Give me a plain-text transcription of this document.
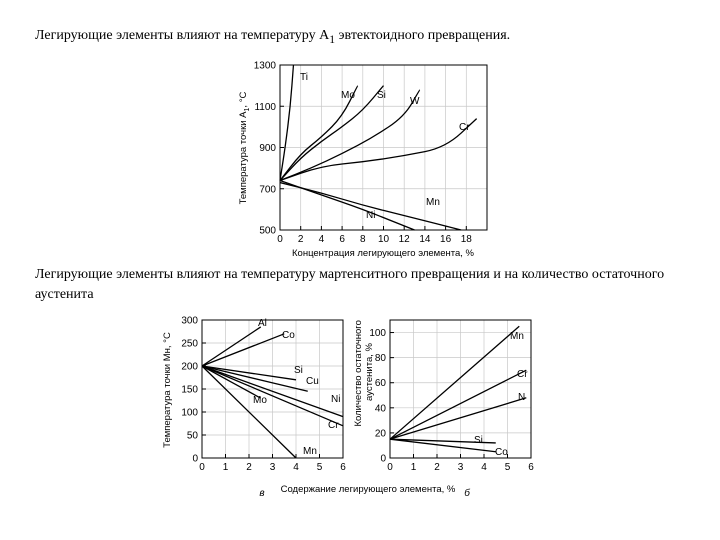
Легирующие элементы влияют на температуру $А_1$ эвтектоидного превращения.

Легирующие элементы влияют на температуру мартенситного превращения и на количество остаточного аустенита

0 2 4 6 8 10 12 14 16 18
1300
1100
900
700
500
Ti
Mo Si
W
Cr
Mn
Ni
Концентрация легирующего элемента, %
Температура точки $A_1$, °C
0 1 2 3 4 5 6
300
250
200
150
100
50
0
Al
Co
Si
Cu
Ni
Cr
Mo
Mn
Температура точки Мн, °С
в
0 1 2 3 4 5 6
100
80
60
40
20
0
Mn
Cr
N
Si
Co
Количество остаточного аустенита, %
б
Содержание легирующего элемента, %
